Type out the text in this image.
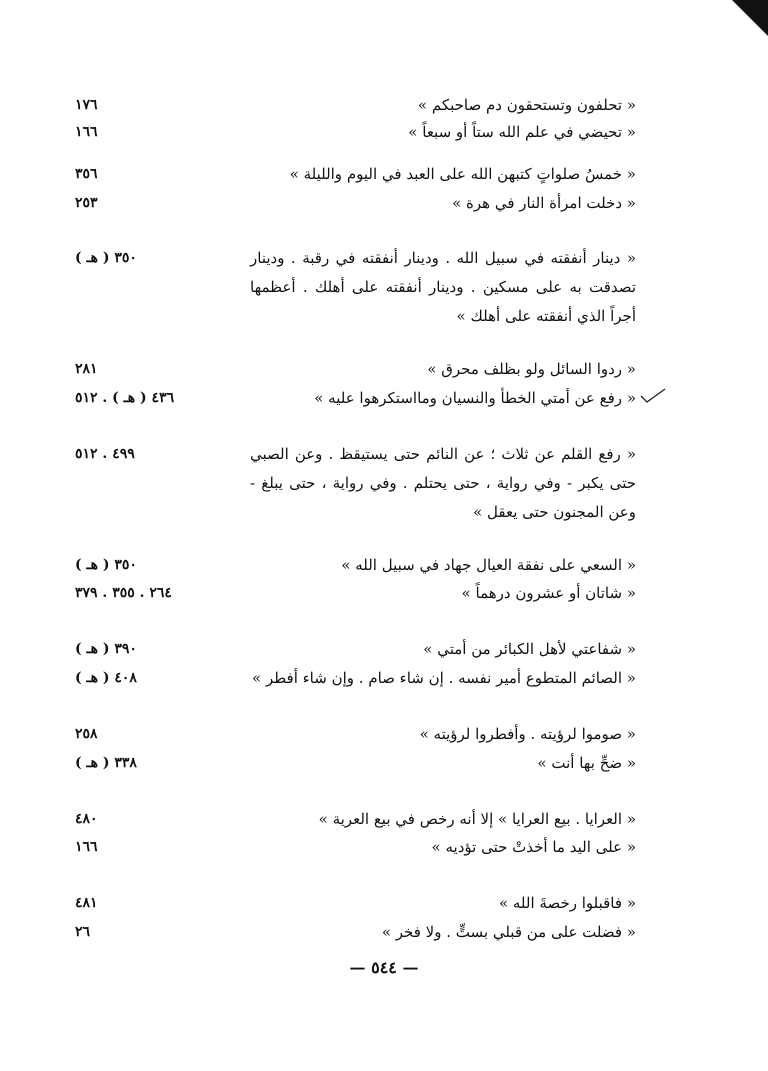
« تحلفون وتستحقون دم صاحبكم »
١٧٦
« تحيضي في علم الله ستاً أو سبعاً »
١٦٦
« خمسُ صلواتٍ كتبهن الله على العبد في اليوم والليلة »
٣٥٦
« دخلت امرأة النار في هرة »
٢٥٣
« دينار أنفقته في سبيل الله . ودينار أنفقته في رقبة . ودينار تصدقت به على مسكين . ودينار أنفقته على أهلك . أعظمها أجراً الذي أنفقته على أهلك »
٣٥٠ ( هـ )
« ردوا السائل ولو بظلف محرق »
٢٨١
« رفع عن أمتي الخطأ والنسيان ومااستكرهوا عليه »
٤٣٦ ( هـ ) . ٥١٢
« رفع القلم عن ثلاث ؛ عن النائم حتى يستيقظ . وعن الصبي حتى يكبر - وفي رواية ، حتى يحتلم . وفي رواية ، حتى يبلغ - وعن المجنون حتى يعقل »
٤٩٩ . ٥١٢
« السعي على نفقة العيال جهاد في سبيل الله »
٣٥٠ ( هـ )
« شاتان أو عشرون درهماً »
٢٦٤ . ٣٥٥ . ٣٧٩
« شفاعتي لأهل الكبائر من أمتي »
٣٩٠ ( هـ )
« الصائم المتطوع أمير نفسه . إن شاء صام . وإن شاء أفطر »
٤٠٨ ( هـ )
« صوموا لرؤيته . وأفطروا لرؤيته »
٢٥٨
« ضحِّ بها أنت »
٣٣٨ ( هـ )
« العرايا . بيع العرايا » إلا أنه رخص في بيع العرية »
٤٨٠
« على اليد ما أخذتْ حتى تؤديه »
١٦٦
« فاقبلوا رخصةَ الله »
٤٨١
« فضلت على من قبلي بستٍّ . ولا فخر »
٢٦
— ٥٤٤ —
